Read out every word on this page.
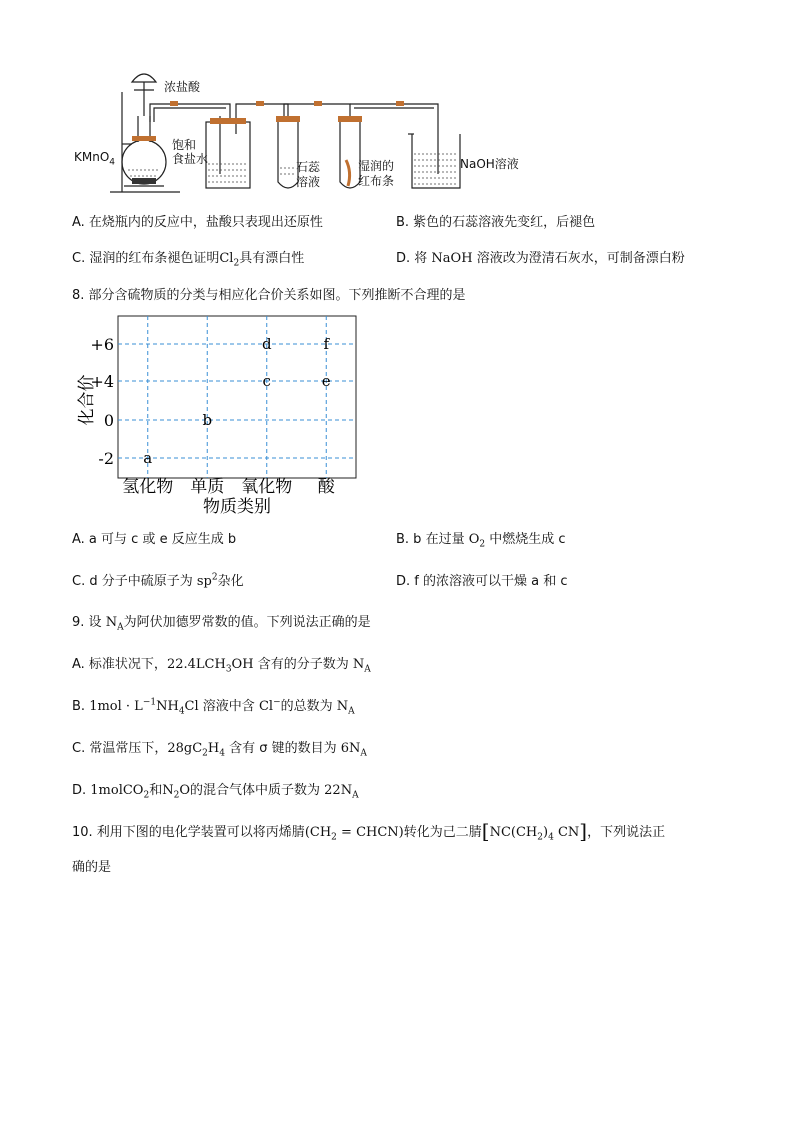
浓盐酸
饱和
食盐水
KMnO$_4$	石蕊
溶液
湿润的
红布条
NaOH溶液
A. 在烧瓶内的反应中，盐酸只表现出还原性	B. 紫色的石蕊溶液先变红，后褪色
C. 湿润的红布条褪色证明$Cl_2$具有漂白性	D. 将 NaOH 溶液改为澄清石灰水，可制备漂白粉
8. 部分含硫物质的分类与相应化合价关系如图。下列推断不合理的是
+6
+4
0
-2
氢化物 单质 氧化物 酸
a
b
c
d
e
f
化合价
物质类别
A. a 可与 c 或 e 反应生成 b	B. b 在过量 $O_2$ 中燃烧生成 c
C. d 分子中硫原子为 $sp^2$杂化	D. f 的浓溶液可以干燥 a 和 c
9. 设 $N_A$为阿伏加德罗常数的值。下列说法正确的是
A. 标准状况下，$22.4LCH_3OH$ 含有的分子数为 $N_A$
B. $1mol \cdot L^{-1}NH_4Cl$ 溶液中含 Cl−的总数为 $N_A$
C. 常温常压下，$28gC_2H_4$ 含有 σ 键的数目为 $6N_A$
D. 1molCO$_2$和$N_2O$的混合气体中质子数为 $22N_A$
10. 利用下图的电化学装置可以将丙烯腈($CH_2$ = CHCN)转化为己二腈[$NC(CH_2)_4$ CN]，下列说法正
确的是
